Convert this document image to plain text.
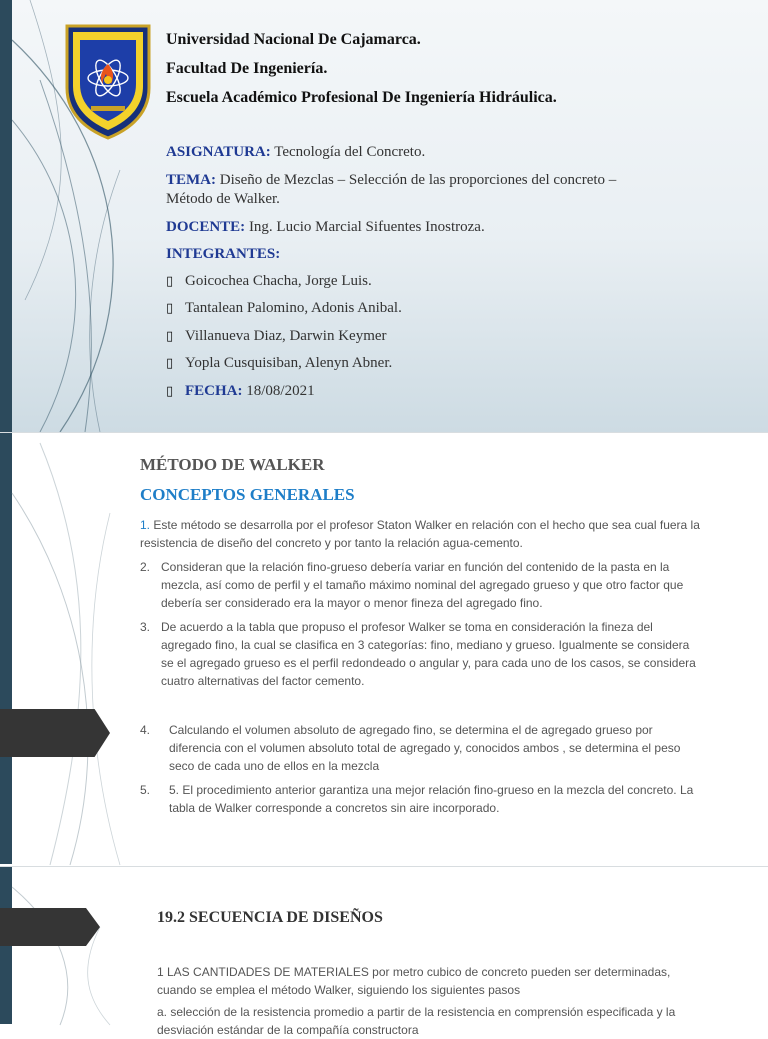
Universidad Nacional De Cajamarca.
Facultad De Ingeniería.
Escuela Académico Profesional De Ingeniería Hidráulica.
ASIGNATURA: Tecnología del Concreto.
TEMA: Diseño de Mezclas – Selección de las proporciones del concreto –
Método de Walker.
DOCENTE: Ing. Lucio Marcial Sifuentes Inostroza.
INTEGRANTES:
▯ Goicochea Chacha, Jorge Luis.
▯ Tantalean Palomino, Adonis Anibal.
▯ Villanueva Diaz, Darwin Keymer
▯ Yopla Cusquisiban, Alenyn Abner.
▯ FECHA: 18/08/2021
MÉTODO DE WALKER
CONCEPTOS GENERALES
1. Este método se desarrolla por el profesor Staton Walker en relación con el hecho que sea cual fuera la
resistencia de diseño del concreto y por tanto la relación agua-cemento.
2. Consideran que la relación fino-grueso debería variar en función del contenido de la pasta en la
mezcla, así como de perfil y el tamaño máximo nominal del agregado grueso y que otro factor que
debería ser considerado era la mayor o menor fineza del agregado fino.
3. De acuerdo a la tabla que propuso el profesor Walker se toma en consideración la fineza del
agregado fino, la cual se clasifica en 3 categorías: fino, mediano y grueso. Igualmente se considera
se el agregado grueso es el perfil redondeado o angular y, para cada uno de los casos, se considera
cuatro alternativas del factor cemento.
4. Calculando el volumen absoluto de agregado fino, se determina el de agregado grueso por
diferencia con el volumen absoluto total de agregado y, conocidos ambos , se determina el peso
seco de cada uno de ellos en la mezcla
5. 5. El procedimiento anterior garantiza una mejor relación fino-grueso en la mezcla del concreto. La
tabla de Walker corresponde a concretos sin aire incorporado.
19.2 SECUENCIA DE DISEÑOS
1 LAS CANTIDADES DE MATERIALES por metro cubico de concreto pueden ser determinadas,
cuando se emplea el método Walker, siguiendo los siguientes pasos
a. selección de la resistencia promedio a partir de la resistencia en comprensión especificada y la
desviación estándar de la compañía constructora
